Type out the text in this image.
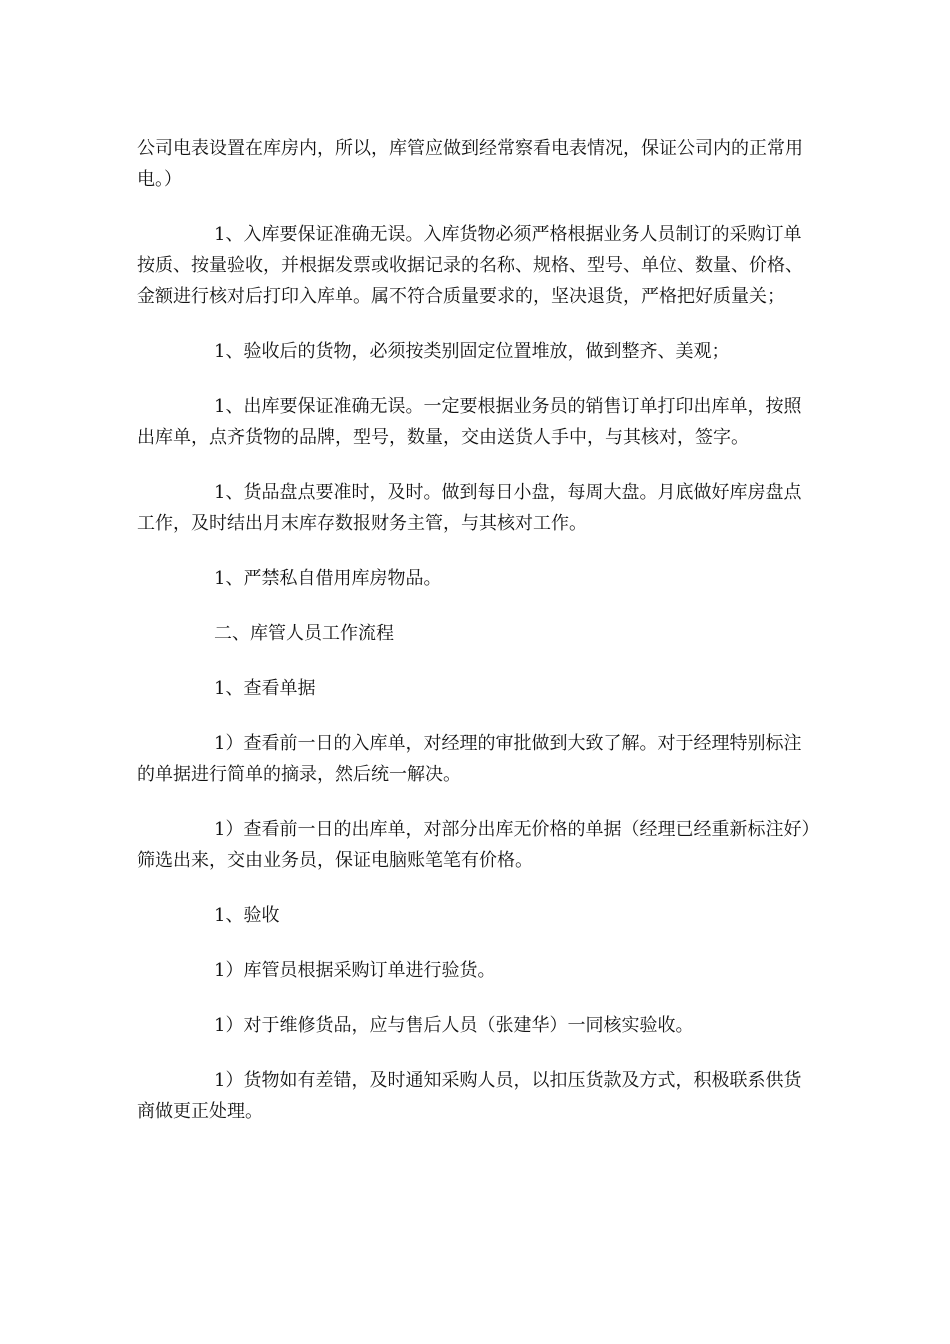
公司电表设置在库房内，所以，库管应做到经常察看电表情况，保证公司内的正常用电。）

1、入库要保证准确无误。入库货物必须严格根据业务人员制订的采购订单按质、按量验收，并根据发票或收据记录的名称、规格、型号、单位、数量、价格、金额进行核对后打印入库单。属不符合质量要求的，坚决退货，严格把好质量关；

1、验收后的货物，必须按类别固定位置堆放，做到整齐、美观；

1、出库要保证准确无误。一定要根据业务员的销售订单打印出库单，按照出库单，点齐货物的品牌，型号，数量，交由送货人手中，与其核对，签字。

1、货品盘点要准时，及时。做到每日小盘，每周大盘。月底做好库房盘点工作，及时结出月末库存数报财务主管，与其核对工作。

1、严禁私自借用库房物品。

二、库管人员工作流程

1、查看单据

1）查看前一日的入库单，对经理的审批做到大致了解。对于经理特别标注的单据进行简单的摘录，然后统一解决。

1）查看前一日的出库单，对部分出库无价格的单据（经理已经重新标注好）筛选出来，交由业务员，保证电脑账笔笔有价格。

1、验收

1）库管员根据采购订单进行验货。

1）对于维修货品，应与售后人员（张建华）一同核实验收。

1）货物如有差错，及时通知采购人员，以扣压货款及方式，积极联系供货商做更正处理。
